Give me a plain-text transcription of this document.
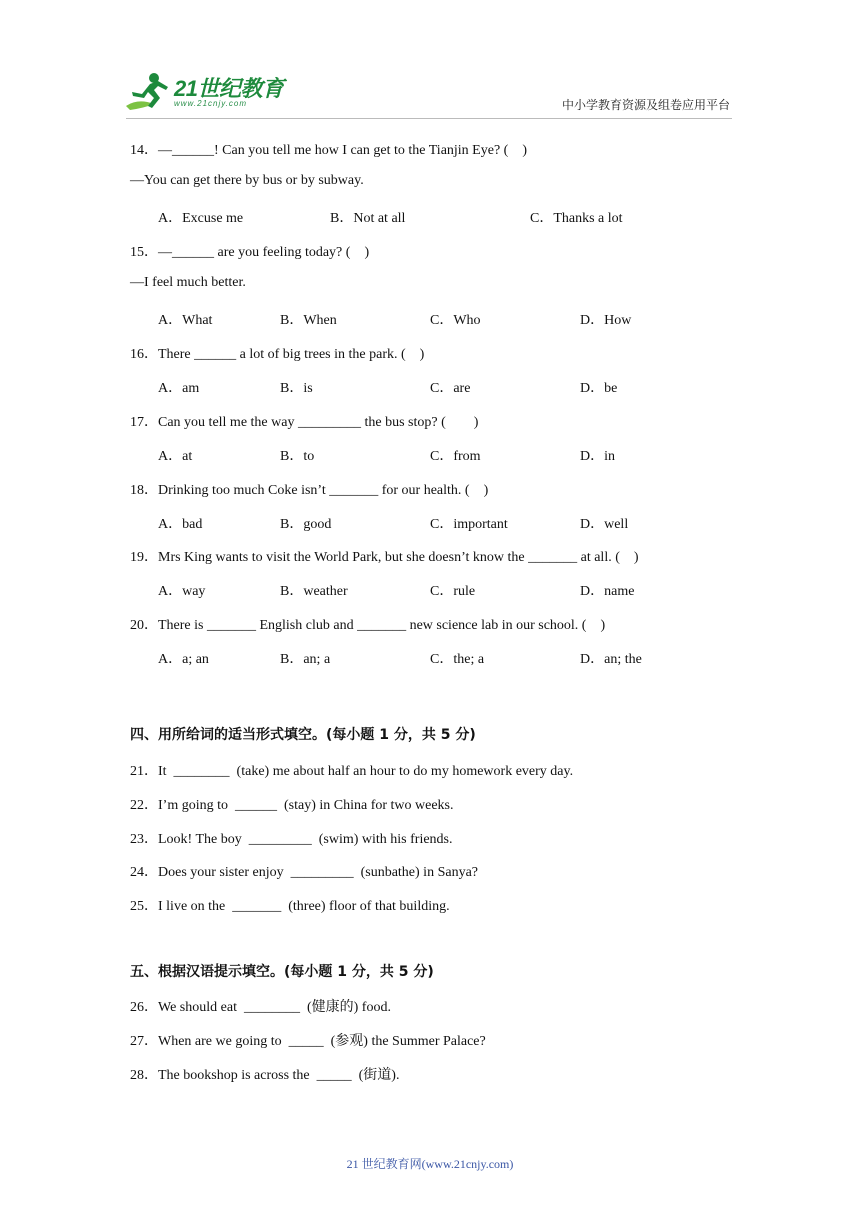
21世纪教育
www.21cnjy.com	中小学教育资源及组卷应用平台
14．—______! Can you tell me how I can get to the Tianjin Eye? (    )
—You can get there by bus or by subway.
A．Excuse me	B．Not at all	C．Thanks a lot
15．—______ are you feeling today? (    )
—I feel much better.
A．What	B．When	C．Who	D．How
16．There ______ a lot of big trees in the park. (    )
A．am	B．is	C．are	D．be
17．Can you tell me the way _________ the bus stop? (        )
A．at	B．to	C．from	D．in
18．Drinking too much Coke isn’t _______ for our health. (    )
A．bad	B．good	C．important	D．well
19．Mrs King wants to visit the World Park, but she doesn’t know the _______ at all. (    )
A．way	B．weather	C．rule	D．name
20．There is _______ English club and _______ new science lab in our school. (    )
A．a; an	B．an; a	C．the; a	D．an; the
四、用所给词的适当形式填空。(每小题 1 分，共 5 分)
21．It  ________  (take) me about half an hour to do my homework every day.
22．I’m going to  ______  (stay) in China for two weeks.
23．Look! The boy  _________  (swim) with his friends.
24．Does your sister enjoy  _________  (sunbathe) in Sanya?
25．I live on the  _______  (three) floor of that building.
五、根据汉语提示填空。(每小题 1 分，共 5 分)
26．We should eat  ________  (健康的) food.
27．When are we going to  _____  (参观) the Summer Palace?
28．The bookshop is across the  _____  (街道).
21 世纪教育网(www.21cnjy.com)
